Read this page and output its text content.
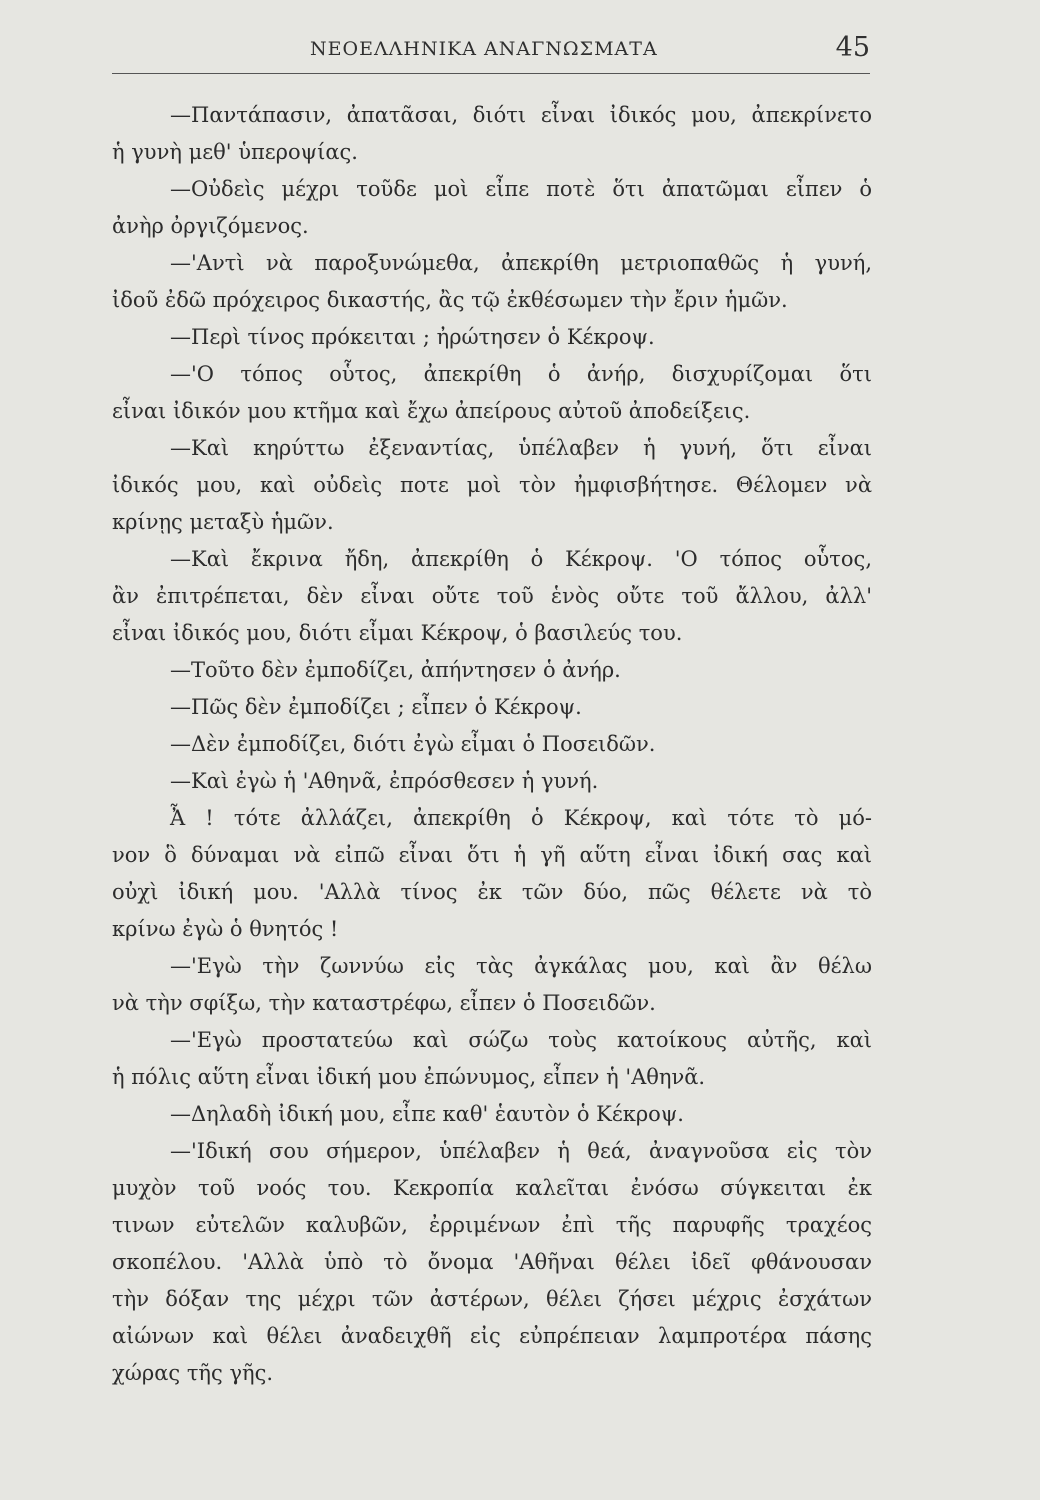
ΝΕΟΕΛΛΗΝΙΚΑ ΑΝΑΓΝΩΣΜΑΤΑ	45
—Παντάπασιν, ἀπατᾶσαι, διότι εἶναι ἰδικός μου, ἀπεκρίνετο
ἡ γυνὴ μεθ' ὑπεροψίας.
—Οὐδεὶς μέχρι τοῦδε μοὶ εἶπε ποτὲ ὅτι ἀπατῶμαι εἶπεν ὁ
ἀνὴρ ὀργιζόμενος.
—'Αντὶ νὰ παροξυνώμεθα, ἀπεκρίθη μετριοπαθῶς ἡ γυνή,
ἰδοῦ ἐδῶ πρόχειρος δικαστής, ἂς τῷ ἐκθέσωμεν τὴν ἔριν ἡμῶν.
—Περὶ τίνος πρόκειται ; ἠρώτησεν ὁ Κέκροψ.
—'Ο τόπος οὗτος, ἀπεκρίθη ὁ ἀνήρ, δισχυρίζομαι ὅτι
εἶναι ἰδικόν μου κτῆμα καὶ ἔχω ἀπείρους αὐτοῦ ἀποδείξεις.
—Καὶ κηρύττω ἐξεναντίας, ὑπέλαβεν ἡ γυνή, ὅτι εἶναι
ἰδικός μου, καὶ οὐδεὶς ποτε μοὶ τὸν ἠμφισβήτησε. Θέλομεν νὰ
κρίνῃς μεταξὺ ἡμῶν.
—Καὶ ἔκρινα ἤδη, ἀπεκρίθη ὁ Κέκροψ. 'Ο τόπος οὗτος,
ἂν ἐπιτρέπεται, δὲν εἶναι οὔτε τοῦ ἑνὸς οὔτε τοῦ ἄλλου, ἀλλ'
εἶναι ἰδικός μου, διότι εἶμαι Κέκροψ, ὁ βασιλεύς του.
—Τοῦτο δὲν ἐμποδίζει, ἀπήντησεν ὁ ἀνήρ.
—Πῶς δὲν ἐμποδίζει ; εἶπεν ὁ Κέκροψ.
—Δὲν ἐμποδίζει, διότι ἐγὼ εἶμαι ὁ Ποσειδῶν.
—Καὶ ἐγὼ ἡ 'Αθηνᾶ, ἐπρόσθεσεν ἡ γυνή.
Ἆ ! τότε ἀλλάζει, ἀπεκρίθη ὁ Κέκροψ, καὶ τότε τὸ μό-
νον ὃ δύναμαι νὰ εἰπῶ εἶναι ὅτι ἡ γῆ αὕτη εἶναι ἰδική σας καὶ
οὐχὶ ἰδική μου. 'Αλλὰ τίνος ἐκ τῶν δύο, πῶς θέλετε νὰ τὸ
κρίνω ἐγὼ ὁ θνητός !
—'Εγὼ τὴν ζωννύω εἰς τὰς ἀγκάλας μου, καὶ ἂν θέλω
νὰ τὴν σφίξω, τὴν καταστρέφω, εἶπεν ὁ Ποσειδῶν.
—'Εγὼ προστατεύω καὶ σώζω τοὺς κατοίκους αὐτῆς, καὶ
ἡ πόλις αὕτη εἶναι ἰδική μου ἐπώνυμος, εἶπεν ἡ 'Αθηνᾶ.
—Δηλαδὴ ἰδική μου, εἶπε καθ' ἑαυτὸν ὁ Κέκροψ.
—'Ιδική σου σήμερον, ὑπέλαβεν ἡ θεά, ἀναγνοῦσα εἰς τὸν
μυχὸν τοῦ νοός του. Κεκροπία καλεῖται ἐνόσω σύγκειται ἐκ
τινων εὐτελῶν καλυβῶν, ἐρριμένων ἐπὶ τῆς παρυφῆς τραχέος
σκοπέλου. 'Αλλὰ ὑπὸ τὸ ὄνομα 'Αθῆναι θέλει ἰδεῖ φθάνουσαν
τὴν δόξαν της μέχρι τῶν ἀστέρων, θέλει ζήσει μέχρις ἐσχάτων
αἰώνων καὶ θέλει ἀναδειχθῆ εἰς εὐπρέπειαν λαμπροτέρα πάσης
χώρας τῆς γῆς.
